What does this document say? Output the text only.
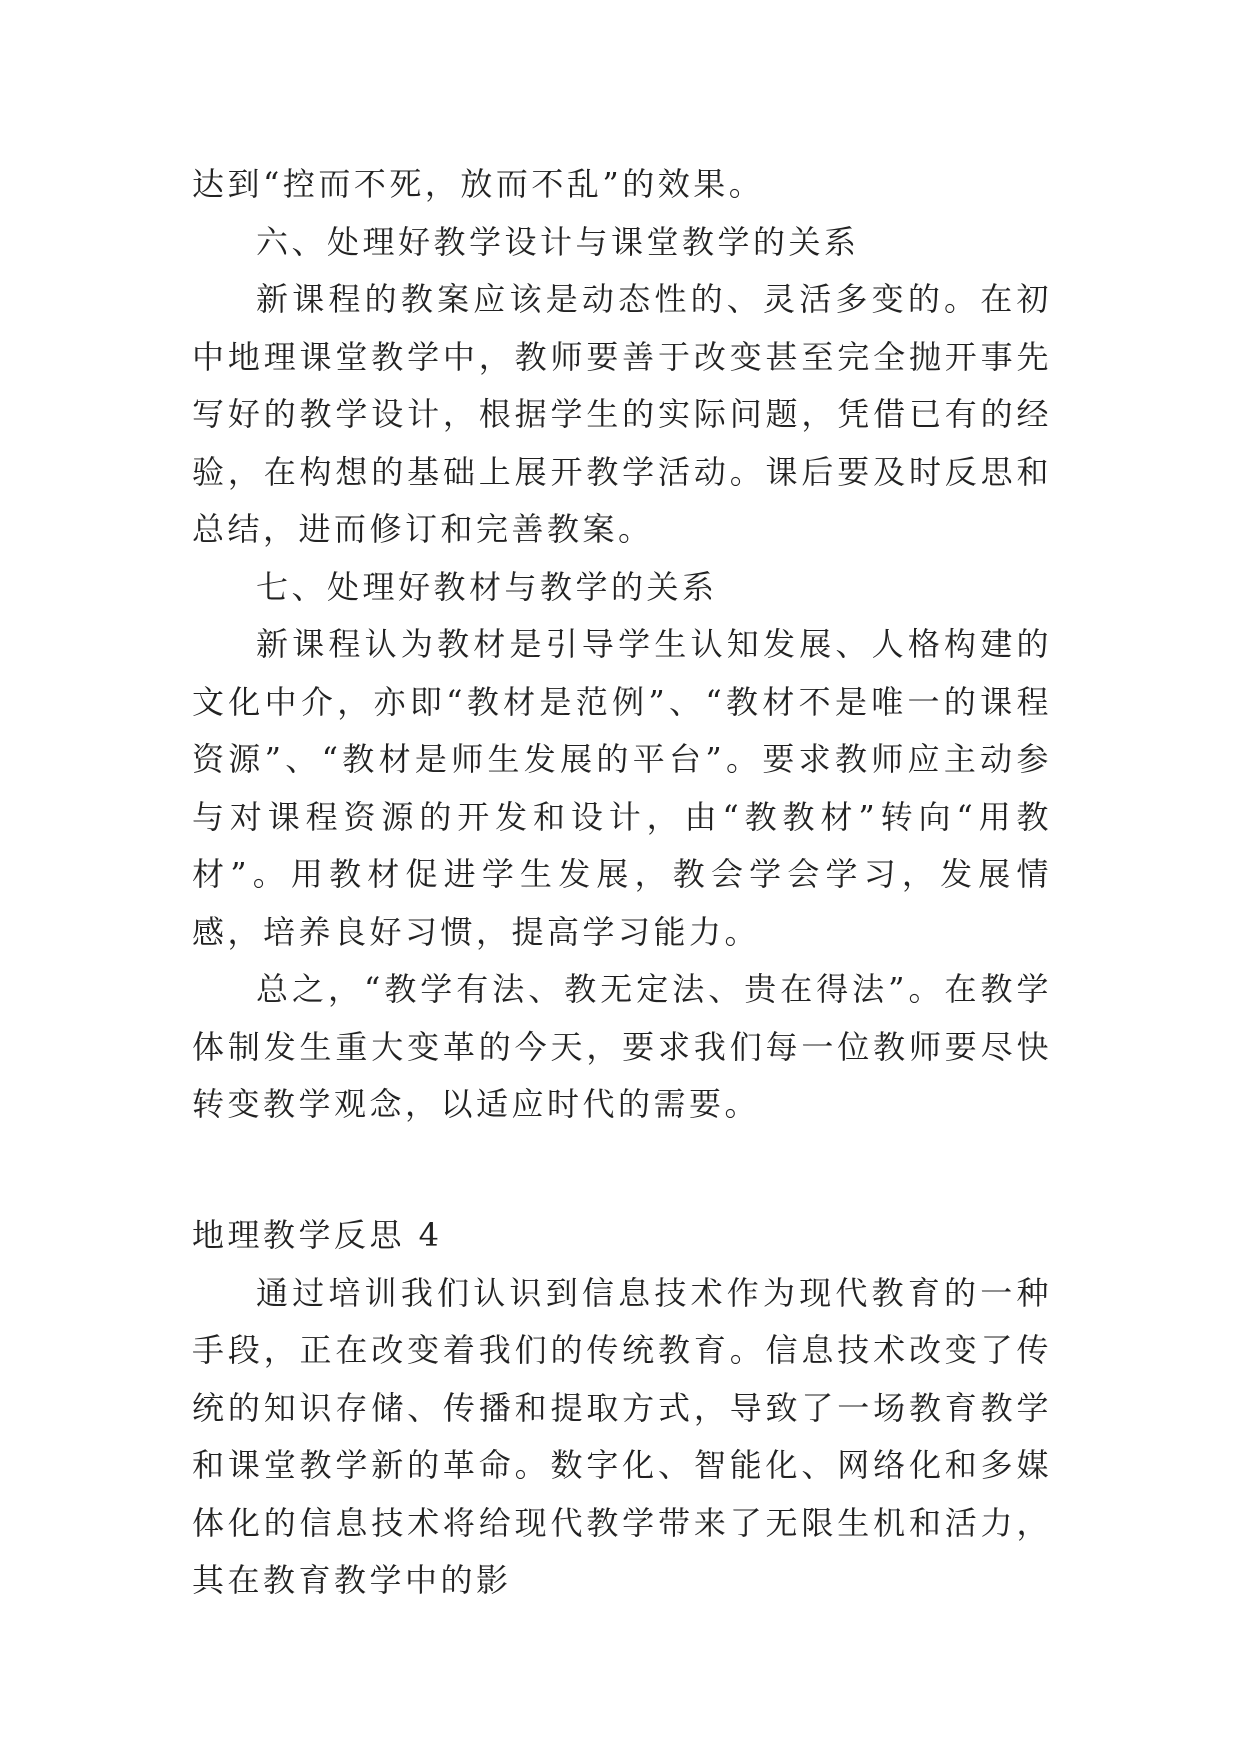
达到“控而不死，放而不乱”的效果。

六、处理好教学设计与课堂教学的关系

新课程的教案应该是动态性的、灵活多变的。在初中地理课堂教学中，教师要善于改变甚至完全抛开事先写好的教学设计，根据学生的实际问题，凭借已有的经验，在构想的基础上展开教学活动。课后要及时反思和总结，进而修订和完善教案。

七、处理好教材与教学的关系

新课程认为教材是引导学生认知发展、人格构建的文化中介，亦即“教材是范例”、“教材不是唯一的课程资源”、“教材是师生发展的平台”。要求教师应主动参与对课程资源的开发和设计，由“教教材”转向“用教材”。用教材促进学生发展，教会学会学习，发展情感，培养良好习惯，提高学习能力。

总之，“教学有法、教无定法、贵在得法”。在教学体制发生重大变革的今天，要求我们每一位教师要尽快转变教学观念，以适应时代的需要。

地理教学反思 4

通过培训我们认识到信息技术作为现代教育的一种手段，正在改变着我们的传统教育。信息技术改变了传统的知识存储、传播和提取方式，导致了一场教育教学和课堂教学新的革命。数字化、智能化、网络化和多媒体化的信息技术将给现代教学带来了无限生机和活力，其在教育教学中的影
